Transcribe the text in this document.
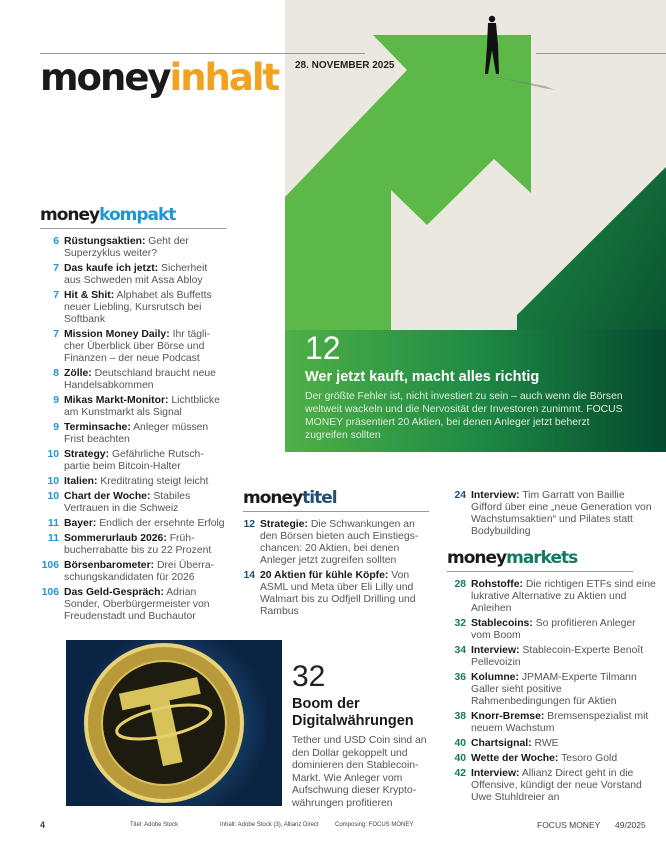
moneyinhalt 28. NOVEMBER 2025
12
Wer jetzt kauft, macht alles richtig
Der größte Fehler ist, nicht investiert zu sein – auch wenn die Börsen weltweit wackeln und die Nervosität der Investoren zunimmt. FOCUS MONEY präsentiert 20 Aktien, bei denen Anleger jetzt beherzt zugreifen sollten
moneykompakt
6 Rüstungsaktien: Geht der Superzyklus weiter?
7 Das kaufe ich jetzt: Sicherheit aus Schweden mit Assa Abloy
7 Hit & Shit: Alphabet als Buffetts neuer Liebling, Kursrutsch bei Softbank
7 Mission Money Daily: Ihr täglicher Überblick über Börse und Finanzen – der neue Podcast
8 Zölle: Deutschland braucht neue Handelsabkommen
9 Mikas Markt-Monitor: Lichtblicke am Kunstmarkt als Signal
9 Terminsache: Anleger müssen Frist beachten
10 Strategy: Gefährliche Rutschpartie beim Bitcoin-Halter
10 Italien: Kreditrating steigt leicht
10 Chart der Woche: Stabiles Vertrauen in die Schweiz
11 Bayer: Endlich der ersehnte Erfolg
11 Sommerurlaub 2026: Frühbucherrabatte bis zu 22 Prozent
106 Börsenbarometer: Drei Überraschungskandidaten für 2026
106 Das Geld-Gespräch: Adrian Sonder, Oberbürgermeister von Freudenstadt und Buchautor
moneytitel
12 Strategie: Die Schwankungen an den Börsen bieten auch Einstiegschancen: 20 Aktien, bei denen Anleger jetzt zugreifen sollten
14 20 Aktien für kühle Köpfe: Von ASML und Meta über Eli Lilly und Walmart bis zu Odfjell Drilling und Rambus
24 Interview: Tim Garratt von Baillie Gifford über eine „neue Generation von Wachstumsaktien“ und Pilates statt Bodybuilding
moneymarkets
28 Rohstoffe: Die richtigen ETFs sind eine lukrative Alternative zu Aktien und Anleihen
32 Stablecoins: So profitieren Anleger vom Boom
34 Interview: Stablecoin-Experte Benoît Pellevoizin
36 Kolumne: JPMAM-Experte Tilmann Galler sieht positive Rahmenbedingungen für Aktien
38 Knorr-Bremse: Bremsenspezialist mit neuem Wachstum
40 Chartsignal: RWE
40 Wette der Woche: Tesoro Gold
42 Interview: Allianz Direct geht in die Offensive, kündigt der neue Vorstand Uwe Stuhldreier an
32
Boom der Digitalwährungen
Tether und USD Coin sind an den Dollar gekoppelt und dominieren den Stablecoin-Markt. Wie Anleger vom Aufschwung dieser Kryptowährungen profitieren
4	Titel: Adobe Stock	Inhalt: Adobe Stock (3), Allianz Direct	Composing: FOCUS MONEY	FOCUS MONEY 49/2025
